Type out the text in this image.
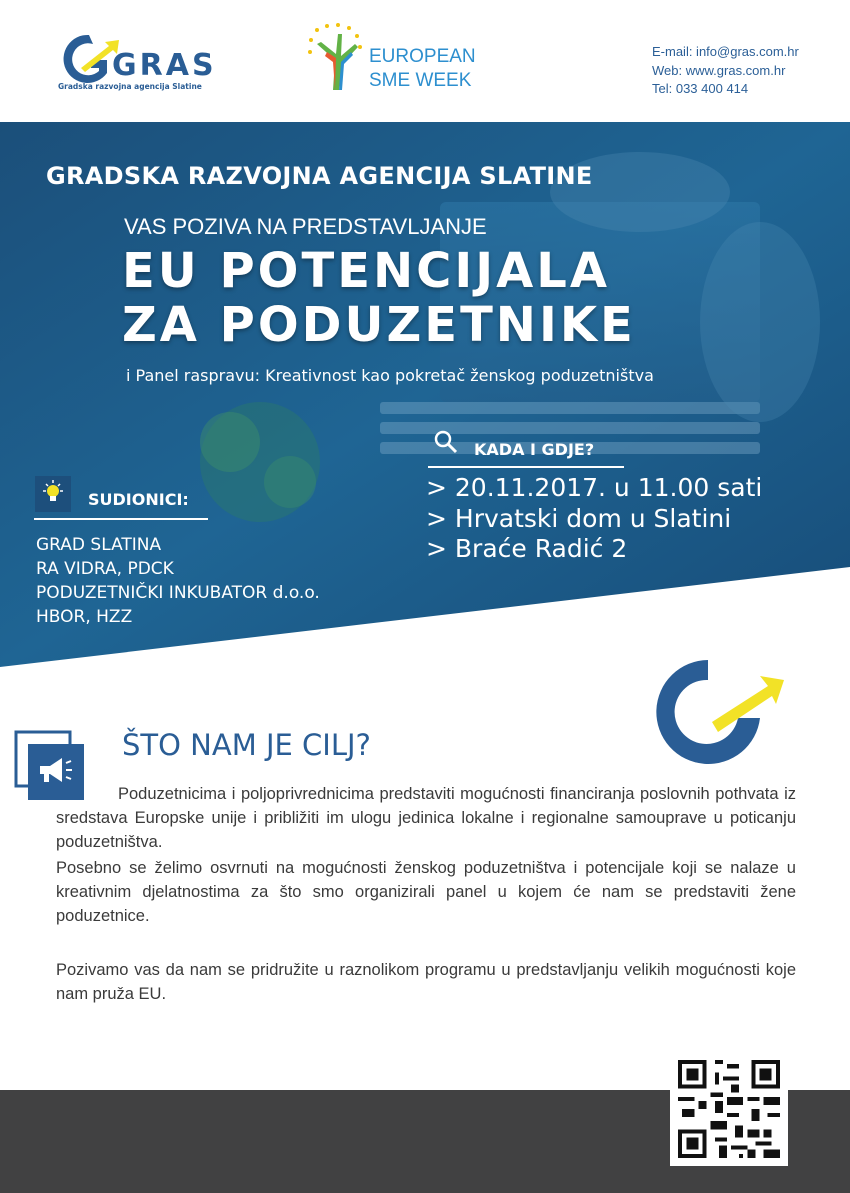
GRAS
Gradska razvojna agencija Slatine
EUROPEAN
SME WEEK
E-mail: info@gras.com.hr
Web: www.gras.com.hr
Tel: 033 400 414
GRADSKA RAZVOJNA AGENCIJA SLATINE
VAS POZIVA NA PREDSTAVLJANJE
EU POTENCIJALA
ZA PODUZETNIKE
i Panel raspravu: Kreativnost kao pokretač ženskog poduzetništva
SUDIONICI:
GRAD SLATINA
RA VIDRA, PDCK
PODUZETNIČKI INKUBATOR d.o.o.
HBOR, HZZ
KADA I GDJE?
> 20.11.2017. u 11.00 sati
> Hrvatski dom u Slatini
> Braće Radić 2
ŠTO NAM JE CILJ?
Poduzetnicima i poljoprivrednicima predstaviti mogućnosti financiranja poslovnih pothvata iz sredstava Europske unije i približiti im ulogu jedinica lokalne i regionalne samouprave u poticanju poduzetništva.
Posebno se želimo osvrnuti na mogućnosti ženskog poduzetništva i potencijale koji se nalaze u kreativnim djelatnostima za što smo organizirali panel u kojem će nam se predstaviti žene poduzetnice.
Pozivamo vas da nam se pridružite u raznolikom programu u predstavljanju velikih mogućnosti koje nam pruža EU.
